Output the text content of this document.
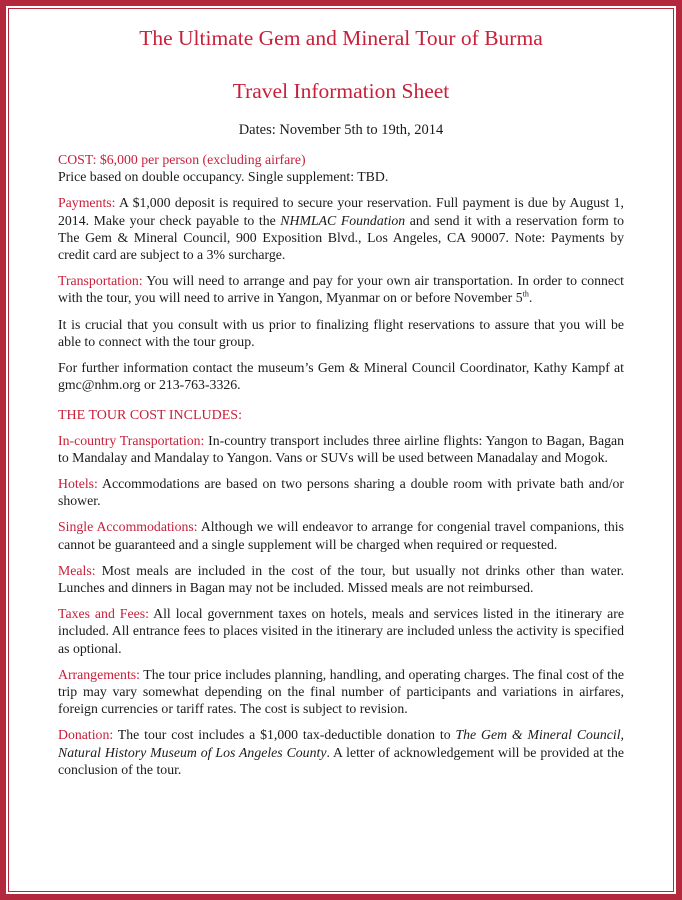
The Ultimate Gem and Mineral Tour of Burma
Travel Information Sheet
Dates: November 5th to 19th, 2014

COST: $6,000 per person (excluding airfare)
Price based on double occupancy. Single supplement: TBD.

Payments: A $1,000 deposit is required to secure your reservation. Full payment is due by August 1, 2014. Make your check payable to the NHMLAC Foundation and send it with a reservation form to The Gem & Mineral Council, 900 Exposition Blvd., Los Angeles, CA 90007. Note: Payments by credit card are subject to a 3% surcharge.

Transportation: You will need to arrange and pay for your own air transportation. In order to connect with the tour, you will need to arrive in Yangon, Myanmar on or before November 5th.

It is crucial that you consult with us prior to finalizing flight reservations to assure that you will be able to connect with the tour group.

For further information contact the museum’s Gem & Mineral Council Coordinator, Kathy Kampf at gmc@nhm.org or 213-763-3326.

THE TOUR COST INCLUDES:

In-country Transportation: In-country transport includes three airline flights: Yangon to Bagan, Bagan to Mandalay and Mandalay to Yangon. Vans or SUVs will be used between Manadalay and Mogok.

Hotels: Accommodations are based on two persons sharing a double room with private bath and/or shower.

Single Accommodations: Although we will endeavor to arrange for congenial travel companions, this cannot be guaranteed and a single supplement will be charged when required or requested.

Meals: Most meals are included in the cost of the tour, but usually not drinks other than water. Lunches and dinners in Bagan may not be included. Missed meals are not reimbursed.

Taxes and Fees: All local government taxes on hotels, meals and services listed in the itinerary are included. All entrance fees to places visited in the itinerary are included unless the activity is specified as optional.

Arrangements: The tour price includes planning, handling, and operating charges. The final cost of the trip may vary somewhat depending on the final number of participants and variations in airfares, foreign currencies or tariff rates. The cost is subject to revision.

Donation: The tour cost includes a $1,000 tax-deductible donation to The Gem & Mineral Council, Natural History Museum of Los Angeles County. A letter of acknowledgement will be provided at the conclusion of the tour.
